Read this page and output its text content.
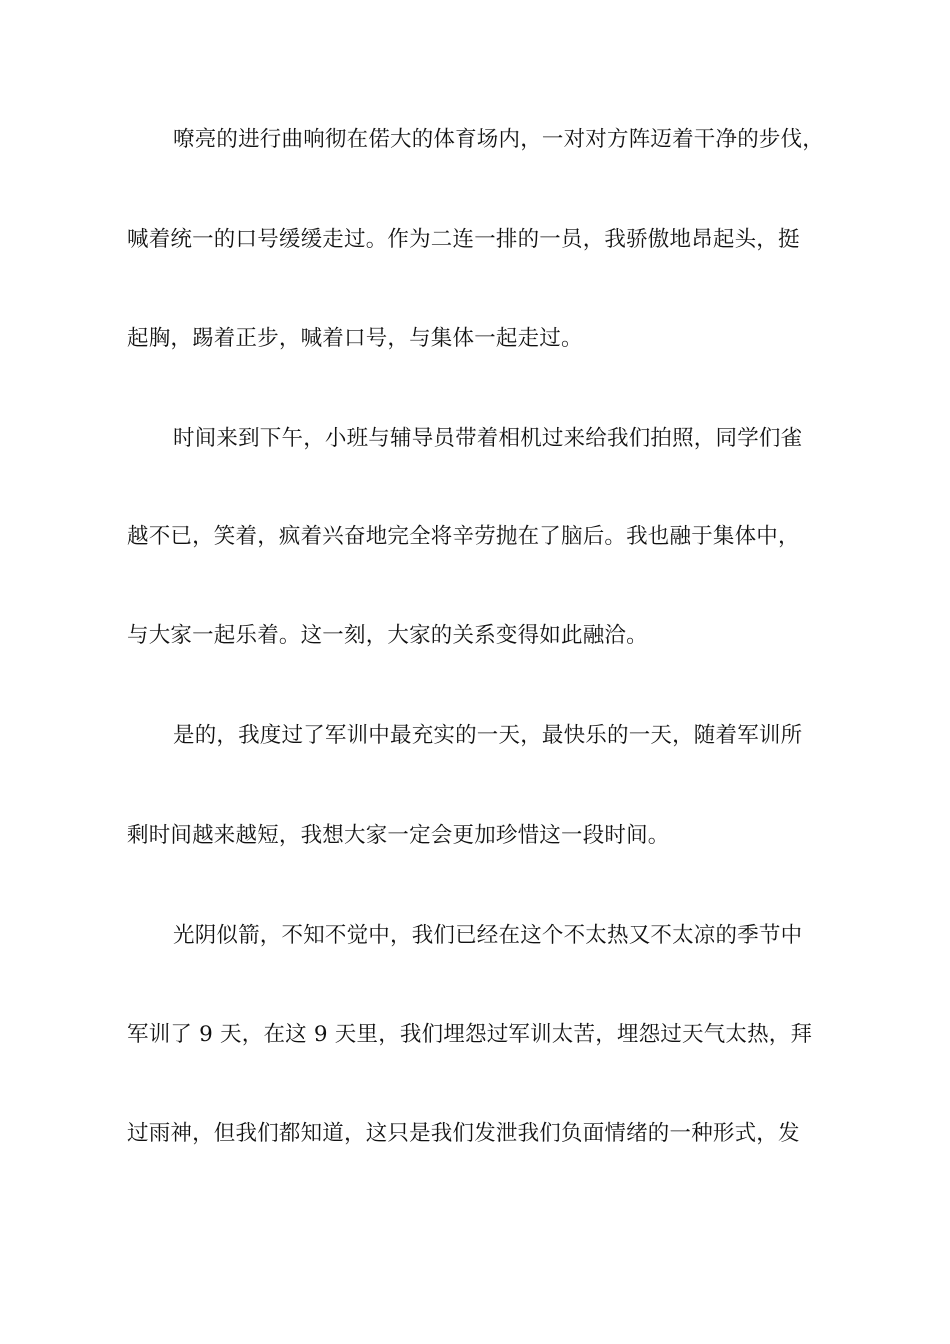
嘹亮的进行曲响彻在偌大的体育场内，一对对方阵迈着干净的步伐，
喊着统一的口号缓缓走过。作为二连一排的一员，我骄傲地昂起头，挺
起胸，踢着正步，喊着口号，与集体一起走过。
时间来到下午，小班与辅导员带着相机过来给我们拍照，同学们雀
越不已，笑着，疯着兴奋地完全将辛劳抛在了脑后。我也融于集体中，
与大家一起乐着。这一刻，大家的关系变得如此融洽。
是的，我度过了军训中最充实的一天，最快乐的一天，随着军训所
剩时间越来越短，我想大家一定会更加珍惜这一段时间。
光阴似箭，不知不觉中，我们已经在这个不太热又不太凉的季节中
军训了 9 天，在这 9 天里，我们埋怨过军训太苦，埋怨过天气太热，拜
过雨神，但我们都知道，这只是我们发泄我们负面情绪的一种形式，发
